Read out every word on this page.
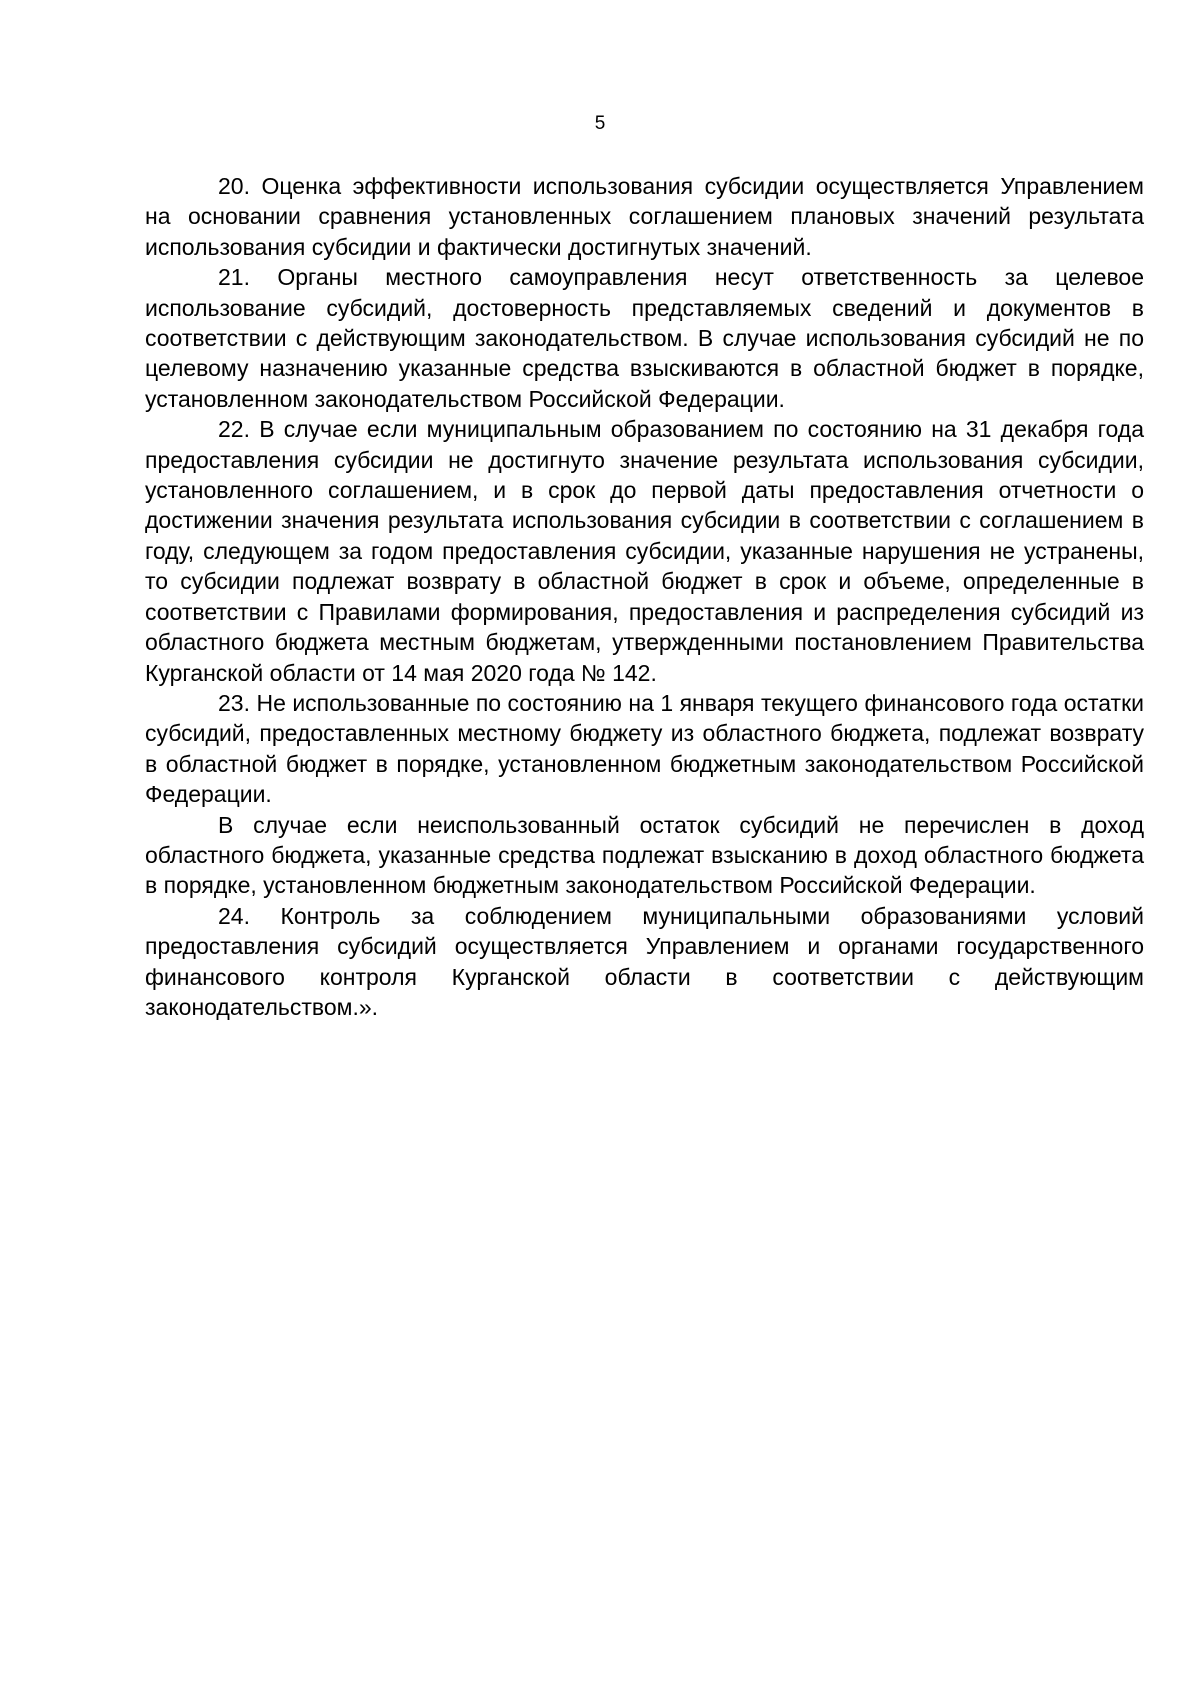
5

20. Оценка эффективности использования субсидии осуществляется Управлением на основании сравнения установленных соглашением плановых значений результата использования субсидии и фактически достигнутых значений.

21. Органы местного самоуправления несут ответственность за целевое использование субсидий, достоверность представляемых сведений и документов в соответствии с действующим законодательством. В случае использования субсидий не по целевому назначению указанные средства взыскиваются в областной бюджет в порядке, установленном законодательством Российской Федерации.

22. В случае если муниципальным образованием по состоянию на 31 декабря года предоставления субсидии не достигнуто значение результата использования субсидии, установленного соглашением, и в срок до первой даты предоставления отчетности о достижении значения результата использования субсидии в соответствии с соглашением в году, следующем за годом предоставления субсидии, указанные нарушения не устранены, то субсидии подлежат возврату в областной бюджет в срок и объеме, определенные в соответствии с Правилами формирования, предоставления и распределения субсидий из областного бюджета местным бюджетам, утвержденными постановлением Правительства Курганской области от 14 мая 2020 года № 142.

23. Не использованные по состоянию на 1 января текущего финансового года остатки субсидий, предоставленных местному бюджету из областного бюджета, подлежат возврату в областной бюджет в порядке, установленном бюджетным законодательством Российской Федерации.

В случае если неиспользованный остаток субсидий не перечислен в доход областного бюджета, указанные средства подлежат взысканию в доход областного бюджета в порядке, установленном бюджетным законодательством Российской Федерации.

24. Контроль за соблюдением муниципальными образованиями условий предоставления субсидий осуществляется Управлением и органами государственного финансового контроля Курганской области в соответствии с действующим законодательством.».
